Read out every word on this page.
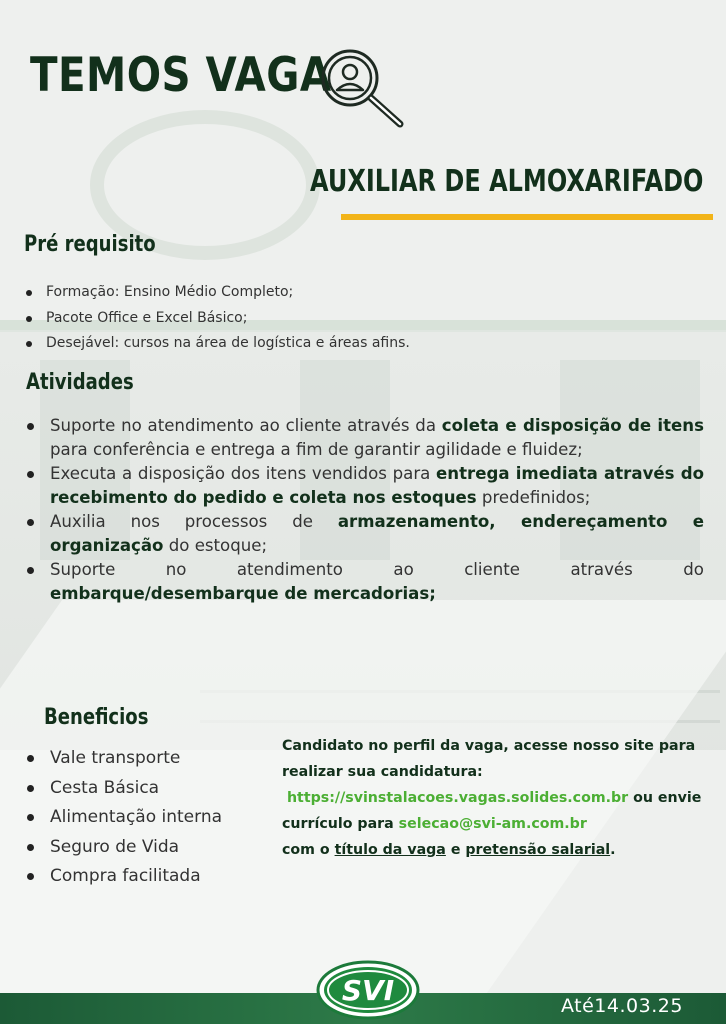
TEMOS VAGA
AUXILIAR DE ALMOXARIFADO
Pré requisito
Formação: Ensino Médio Completo;
Pacote Office e Excel Básico;
Desejável: cursos na área de logística e áreas afins.
Atividades
Suporte no atendimento ao cliente através da coleta e disposição de itens para conferência e entrega a fim de garantir agilidade e fluidez;
Executa a disposição dos itens vendidos para entrega imediata através do recebimento do pedido e coleta nos estoques predefinidos;
Auxilia nos processos de armazenamento, endereçamento e organização do estoque;
Suporte	no	atendimento	ao	cliente	através	do
embarque/desembarque de mercadorias;
Beneficios
Vale transporte
Cesta Básica
Alimentação interna
Seguro de Vida
Compra facilitada
Candidato no perfil da vaga, acesse nosso site para realizar sua candidatura:
https://svinstalacoes.vagas.solides.com.br ou envie currículo para selecao@svi-am.com.br
com o título da vaga e pretensão salarial.
SVI	Até14.03.25
